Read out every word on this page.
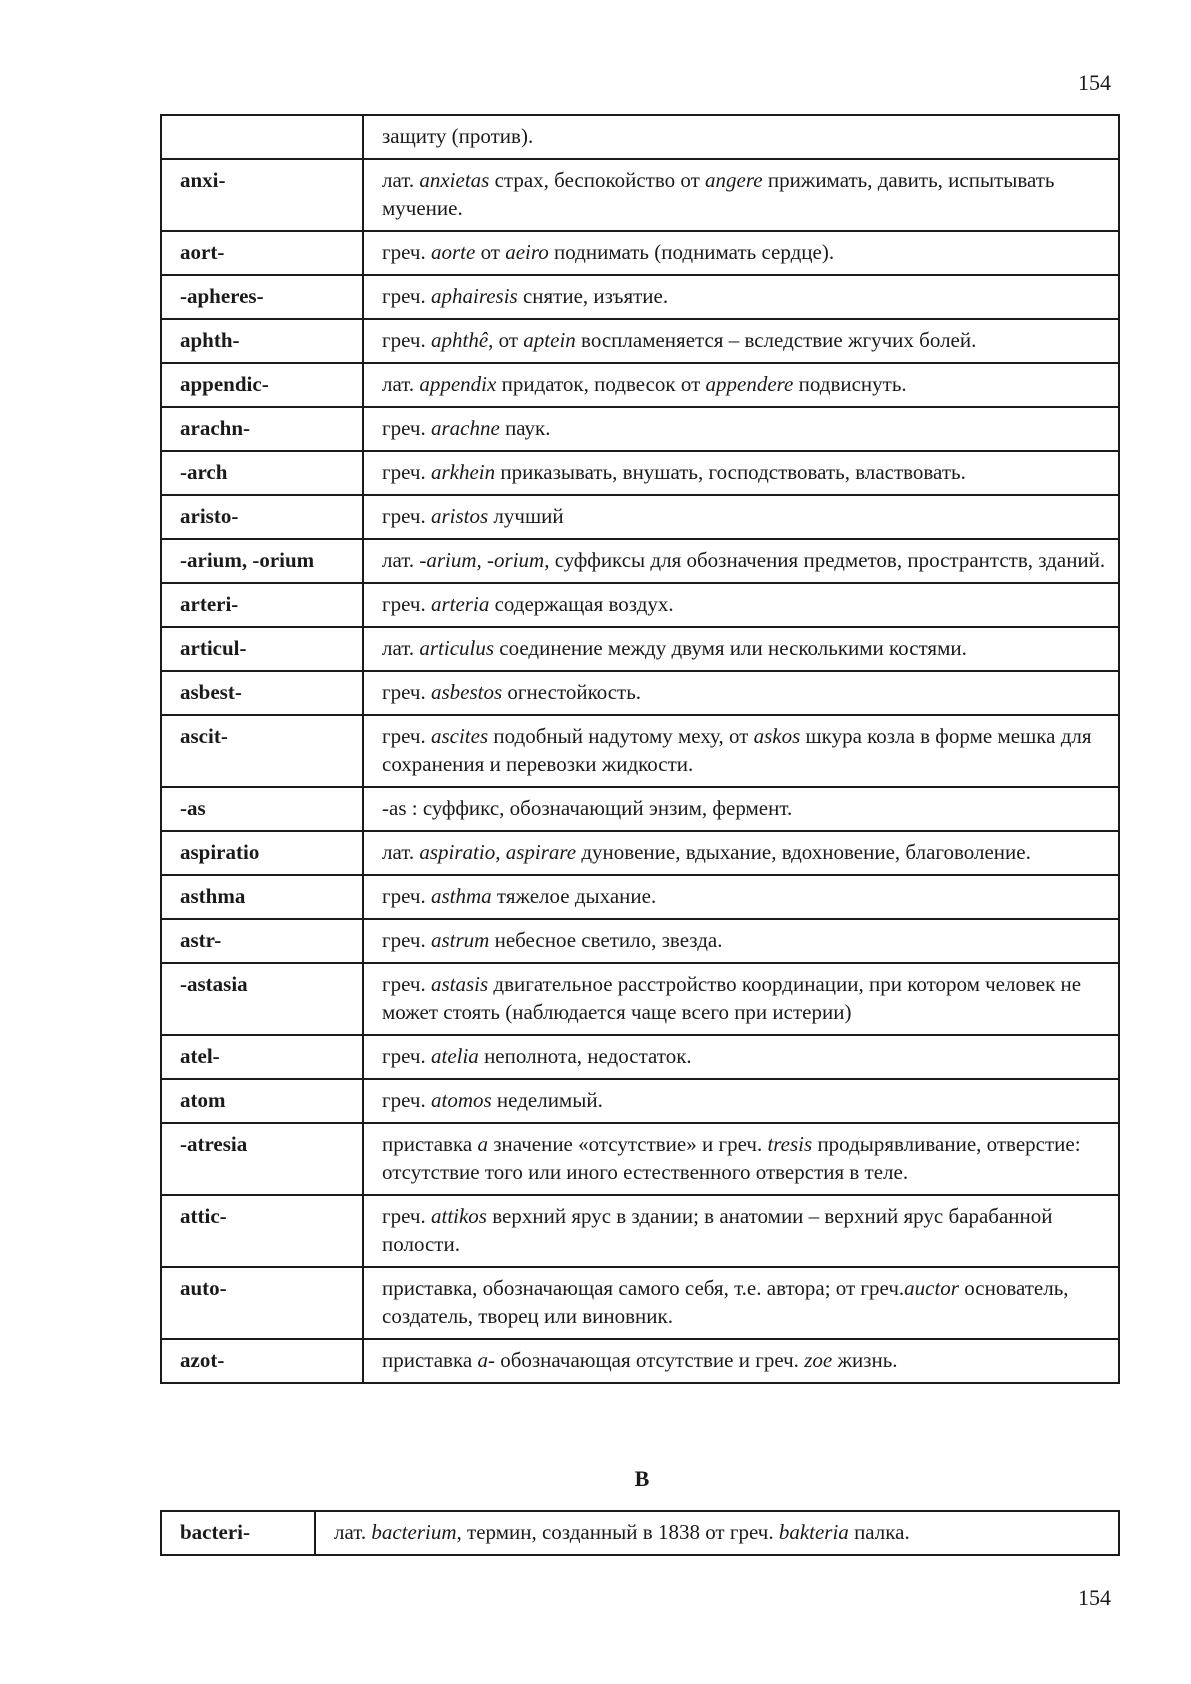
154
	защиту (против).
anxi-	лат. anxietas страх, беспокойство от angere прижимать, давить, испытывать мучение.
aort-	греч. aorte от aeiro поднимать (поднимать сердце).
-apheres-	греч. aphairesis снятие, изъятие.
aphth-	греч. aphthê, от aptein воспламеняется – вследствие жгучих болей.
appendic-	лат. appendix придаток, подвесок от appendere подвиснуть.
arachn-	греч. arachne паук.
-arch	греч. arkhein приказывать, внушать, господствовать, властвовать.
aristo-	греч. aristos лучший
-arium, -orium	лат. -arium, -orium, суффиксы для обозначения предметов, пространтств, зданий.
arteri-	греч. arteria содержащая воздух.
articul-	лат. articulus соединение между двумя или несколькими костями.
asbest-	греч. asbestos огнестойкость.
ascit-	греч. ascites подобный надутому меху, от askos шкура козла в форме мешка для сохранения и перевозки жидкости.
-as	-as : суффикс, обозначающий энзим, фермент.
aspiratio	лат. aspiratio, aspirare дуновение, вдыхание, вдохновение, благоволение.
asthma	греч. asthma тяжелое дыхание.
astr-	греч. astrum небесное светило, звезда.
-astasia	греч. astasis двигательное расстройство координации, при котором человек не может стоять (наблюдается чаще всего при истерии)
atel-	греч. atelia неполнота, недостаток.
atom	греч. atomos неделимый.
-atresia	приставка a значение «отсутствие» и греч. tresis продырявливание, отверстие: отсутствие того или иного естественного отверстия в теле.
attic-	греч. attikos верхний ярус в здании; в анатомии – верхний ярус барабанной полости.
auto-	приставка, обозначающая самого себя, т.е. автора; от греч.auctor основатель, создатель, творец или виновник.
azot-	приставка a- обозначающая отсутствие и греч. zoe жизнь.
B
bacteri-	лат. bacterium, термин, созданный в 1838 от греч. bakteria палка.
154
